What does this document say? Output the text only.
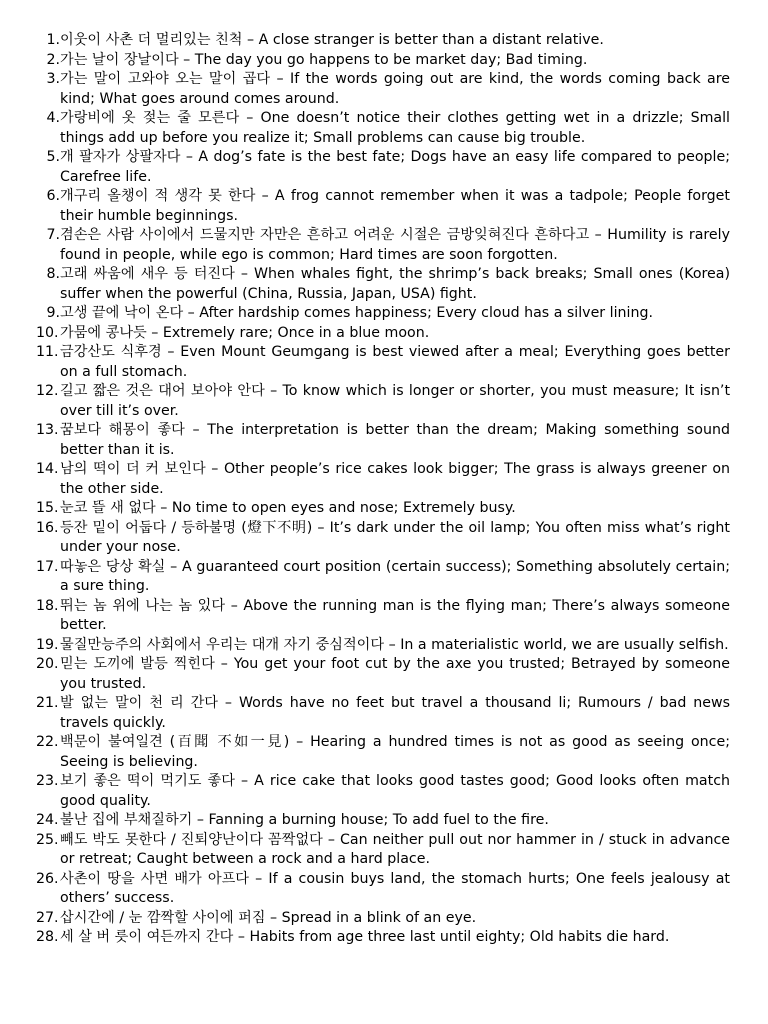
1. 이웃이 사촌 더 멀리있는 친척 – A close stranger is better than a distant relative.
2. 가는 날이 장날이다 – The day you go happens to be market day; Bad timing.
3. 가는 말이 고와야 오는 말이 곱다 – If the words going out are kind, the words coming back are kind; What goes around comes around.
4. 가랑비에 옷 젖는 줄 모른다 – One doesn’t notice their clothes getting wet in a drizzle; Small things add up before you realize it; Small problems can cause big trouble.
5. 개 팔자가 상팔자다 – A dog’s fate is the best fate; Dogs have an easy life compared to people; Carefree life.
6. 개구리 올챙이 적 생각 못 한다 – A frog cannot remember when it was a tadpole; People forget their humble beginnings.
7. 겸손은 사람 사이에서 드물지만 자만은 흔하고 어려운 시절은 금방잊혀진다 흔하다고 – Humility is rarely found in people, while ego is common; Hard times are soon forgotten.
8. 고래 싸움에 새우 등 터진다 – When whales fight, the shrimp’s back breaks; Small ones (Korea) suffer when the powerful (China, Russia, Japan, USA) fight.
9. 고생 끝에 낙이 온다 – After hardship comes happiness; Every cloud has a silver lining.
10. 가뭄에 콩나듯 – Extremely rare; Once in a blue moon.
11. 금강산도 식후경 – Even Mount Geumgang is best viewed after a meal; Everything goes better on a full stomach.
12. 길고 짧은 것은 대어 보아야 안다 – To know which is longer or shorter, you must measure; It isn’t over till it’s over.
13. 꿈보다 해몽이 좋다 – The interpretation is better than the dream; Making something sound better than it is.
14. 남의 떡이 더 커 보인다 – Other people’s rice cakes look bigger; The grass is always greener on the other side.
15. 눈코 뜰 새 없다 – No time to open eyes and nose; Extremely busy.
16. 등잔 밑이 어둡다 / 등하불명 (燈下不明) – It’s dark under the oil lamp; You often miss what’s right under your nose.
17. 따놓은 당상 확실 – A guaranteed court position (certain success); Something absolutely certain; a sure thing.
18. 뛰는 놈 위에 나는 놈 있다 – Above the running man is the flying man; There’s always someone better.
19. 물질만능주의 사회에서 우리는 대개 자기 중심적이다 – In a materialistic world, we are usually selfish.
20. 믿는 도끼에 발등 찍힌다 – You get your foot cut by the axe you trusted; Betrayed by someone you trusted.
21. 발 없는 말이 천 리 간다 – Words have no feet but travel a thousand li; Rumours / bad news travels quickly.
22. 백문이 불여일견 (百聞 不如一見) – Hearing a hundred times is not as good as seeing once; Seeing is believing.
23. 보기 좋은 떡이 먹기도 좋다 – A rice cake that looks good tastes good; Good looks often match good quality.
24. 불난 집에 부채질하기 – Fanning a burning house; To add fuel to the fire.
25. 빼도 박도 못한다 / 진퇴양난이다 꼼짝없다 – Can neither pull out nor hammer in / stuck in advance or retreat; Caught between a rock and a hard place.
26. 사촌이 땅을 사면 배가 아프다 – If a cousin buys land, the stomach hurts; One feels jealousy at others’ success.
27. 삽시간에 / 눈 깜짝할 사이에 퍼짐 – Spread in a blink of an eye.
28. 세 살 버 릇이 여든까지 간다 – Habits from age three last until eighty; Old habits die hard.
